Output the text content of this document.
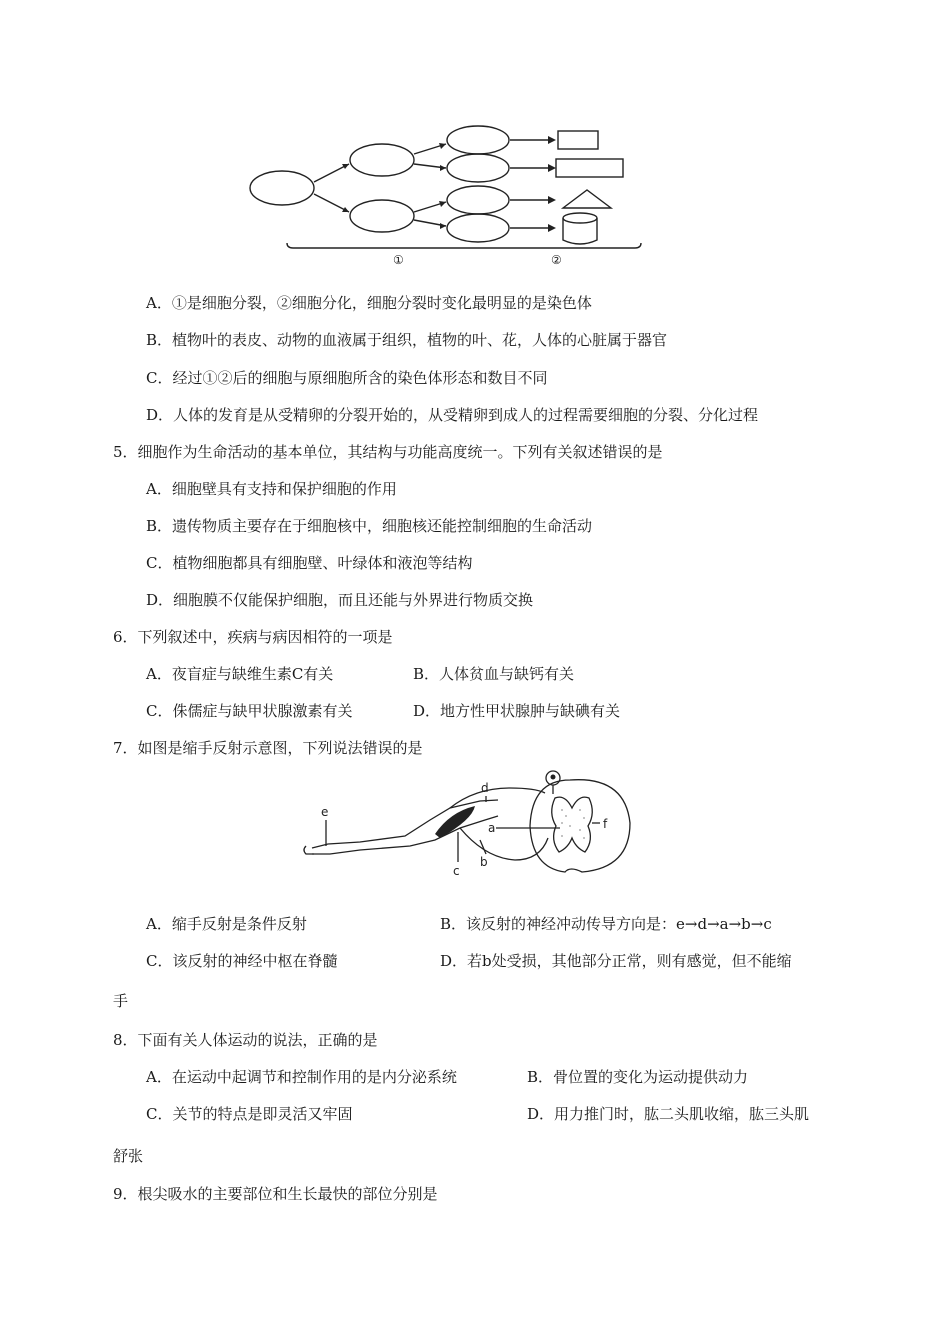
①	②
A．①是细胞分裂，②细胞分化，细胞分裂时变化最明显的是染色体
B．植物叶的表皮、动物的血液属于组织，植物的叶、花，人体的心脏属于器官
C．经过①②后的细胞与原细胞所含的染色体形态和数目不同
D．人体的发育是从受精卵的分裂开始的，从受精卵到成人的过程需要细胞的分裂、分化过程
5．细胞作为生命活动的基本单位，其结构与功能高度统一。下列有关叙述错误的是
A．细胞壁具有支持和保护细胞的作用
B．遗传物质主要存在于细胞核中，细胞核还能控制细胞的生命活动
C．植物细胞都具有细胞壁、叶绿体和液泡等结构
D．细胞膜不仅能保护细胞，而且还能与外界进行物质交换
6．下列叙述中，疾病与病因相符的一项是
A．夜盲症与缺维生素C有关	B．人体贫血与缺钙有关
C．侏儒症与缺甲状腺激素有关	D．地方性甲状腺肿与缺碘有关
7．如图是缩手反射示意图，下列说法错误的是
d
e
a	f
b
c
A．缩手反射是条件反射	B．该反射的神经冲动传导方向是：e→d→a→b→c
C．该反射的神经中枢在脊髓	D．若b处受损，其他部分正常，则有感觉，但不能缩
手
8．下面有关人体运动的说法，正确的是
A．在运动中起调节和控制作用的是内分泌系统	B．骨位置的变化为运动提供动力
C．关节的特点是即灵活又牢固	D．用力推门时，肱二头肌收缩，肱三头肌
舒张
9．根尖吸水的主要部位和生长最快的部位分别是
